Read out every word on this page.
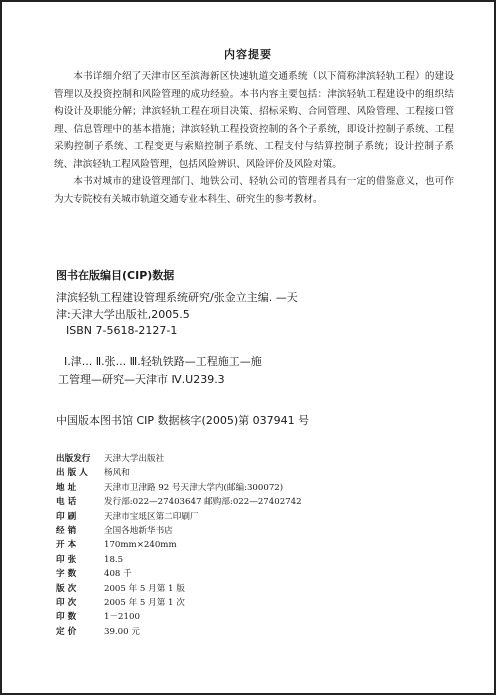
内容提要

本书详细介绍了天津市区至滨海新区快速轨道交通系统（以下简称津滨轻轨工程）的建设管理以及投资控制和风险管理的成功经验。本书内容主要包括：津滨轻轨工程建设中的组织结构设计及职能分解；津滨轻轨工程在项目决策、招标采购、合同管理、风险管理、工程接口管理、信息管理中的基本措施；津滨轻轨工程投资控制的各个子系统，即设计控制子系统、工程采购控制子系统、工程变更与索赔控制子系统、工程支付与结算控制子系统；设计控制子系统、津滨轻轨工程风险管理，包括风险辨识、风险评价及风险对策。

本书对城市的建设管理部门、地铁公司、轻轨公司的管理者具有一定的借鉴意义，也可作为大专院校有关城市轨道交通专业本科生、研究生的参考教材。

图书在版编目(CIP)数据
津滨轻轨工程建设管理系统研究/张金立主编. —天
津:天津大学出版社,2005.5
ISBN 7-5618-2127-1
Ⅰ.津... Ⅱ.张... Ⅲ.轻轨铁路—工程施工—施
工管理—研究—天津市 Ⅳ.U239.3
中国版本图书馆 CIP 数据核字(2005)第 037941 号
出版发行	天津大学出版社
出 版 人	杨风和
地 址	天津市卫津路 92 号天津大学内(邮编:300072)
电 话	发行部:022—27403647 邮购部:022—27402742
印 刷	天津市宝坻区第二印刷厂
经 销	全国各地新华书店
开 本	170mm×240mm
印 张	18.5
字 数	408 千
版 次	2005 年 5 月第 1 版
印 次	2005 年 5 月第 1 次
印 数	1－2100
定 价	39.00 元
